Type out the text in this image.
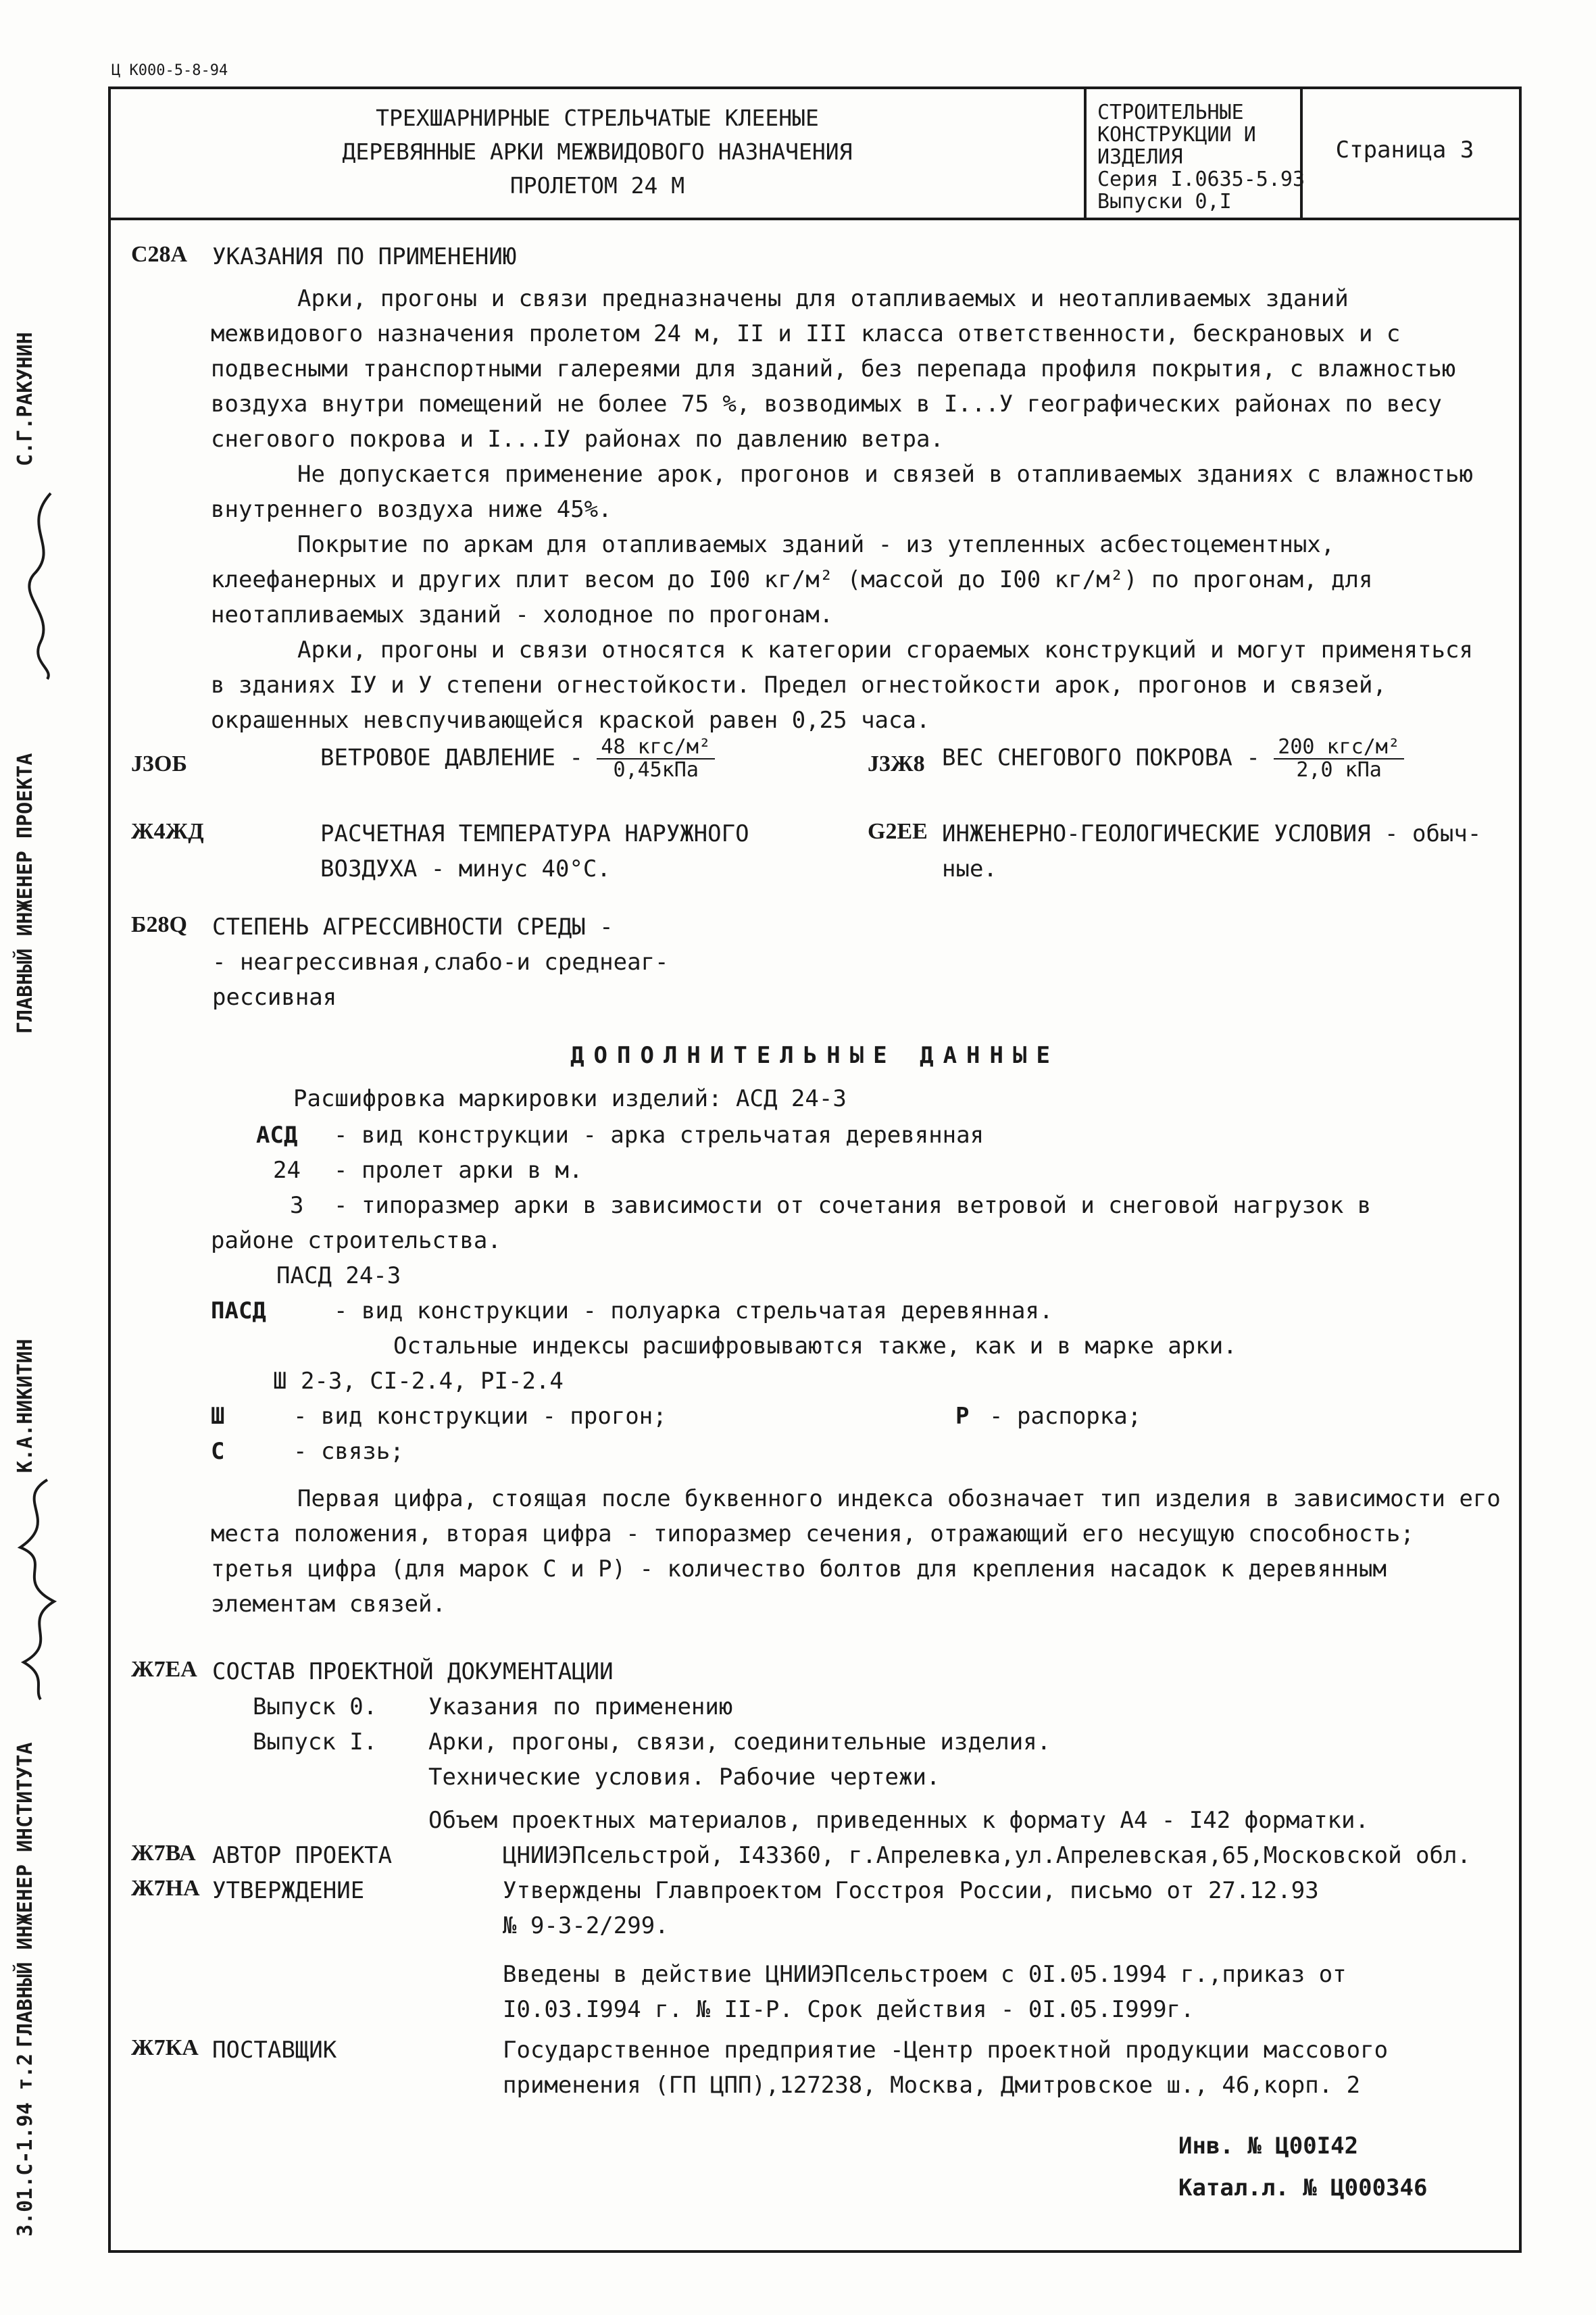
Ц К000-5-8-94
С.Г.РАКУНИН
ГЛАВНЫЙ ИНЖЕНЕР ПРОЕКТА
К.А.НИКИТИН
ГЛАВНЫЙ ИНЖЕНЕР ИНСТИТУТА
3.01.С-1.94 т.2
ТРЕХШАРНИРНЫЕ СТРЕЛЬЧАТЫЕ КЛЕЕНЫЕ
ДЕРЕВЯННЫЕ АРКИ МЕЖВИДОВОГО НАЗНАЧЕНИЯ
ПРОЛЕТОМ 24 М
СТРОИТЕЛЬНЫЕ
КОНСТРУКЦИИ И
ИЗДЕЛИЯ
Серия I.0635-5.93
Выпуски 0,I
Страница 3
С28А УКАЗАНИЯ ПО ПРИМЕНЕНИЮ
Арки, прогоны и связи предназначены для отапливаемых и неотапливаемых зданий межвидового назначения пролетом 24 м, II и III класса ответственности, бескрановых и с подвесными транспортными галереями для зданий, без перепада профиля покрытия, с влажностью воздуха внутри помещений не более 75 %, возводимых в I...У географических районах по весу снегового покрова и I...IУ районах по давлению ветра.
Не допускается применение арок, прогонов и связей в отапливаемых зданиях с влажностью внутреннего воздуха ниже 45%.
Покрытие по аркам для отапливаемых зданий - из утепленных асбестоцементных, клеефанерных и других плит весом до I00 кг/м² (массой до I00 кг/м²) по прогонам, для неотапливаемых зданий - холодное по прогонам.
Арки, прогоны и связи относятся к категории сгораемых конструкций и могут применяться в зданиях IУ и У степени огнестойкости. Предел огнестойкости арок, прогонов и связей, окрашенных невспучивающейся краской равен 0,25 часа.
J3ОБ	ВЕТРОВОЕ ДАВЛЕНИЕ - $\frac{\text{48 кгс/м²}}{\text{0,45кПа}}$	J3Ж8 ВЕС СНЕГОВОГО ПОКРОВА - $\frac{\text{200 кгс/м²}}{\text{2,0 кПа}}$
Ж4ЖД	РАСЧЕТНАЯ ТЕМПЕРАТУРА НАРУЖНОГО
ВОЗДУХА - минус 40°С.
G2ЕЕ ИНЖЕНЕРНО-ГЕОЛОГИЧЕСКИЕ УСЛОВИЯ - обыч-
ные.
Б28Q СТЕПЕНЬ АГРЕССИВНОСТИ СРЕДЫ -
- неагрессивная,слабо-и среднеаг-
рессивная
ДОПОЛНИТЕЛЬНЫЕ ДАННЫЕ
Расшифровка маркировки изделий: АСД 24-3
АСД - вид конструкции - арка стрельчатая деревянная
24 - пролет арки в м.
3 - типоразмер арки в зависимости от сочетания ветровой и снеговой нагрузок в
районе строительства.
ПАСД 24-3
ПАСД	- вид конструкции - полуарка стрельчатая деревянная.
Остальные индексы расшифровываются также, как и в марке арки.
Ш 2-3, СI-2.4, РI-2.4
Ш	- вид конструкции - прогон;	Р - распорка;
С	- связь;
Первая цифра, стоящая после буквенного индекса обозначает тип изделия в зависимости его места положения, вторая цифра - типоразмер сечения, отражающий его несущую способность; третья цифра (для марок С и Р) - количество болтов для крепления насадок к деревянным элементам связей.
Ж7ЕА СОСТАВ ПРОЕКТНОЙ ДОКУМЕНТАЦИИ
Выпуск 0. Указания по применению
Выпуск I. Арки, прогоны, связи, соединительные изделия.
Технические условия. Рабочие чертежи.
Объем проектных материалов, приведенных к формату А4 - I42 форматки.
Ж7ВА АВТОР ПРОЕКТА	ЦНИИЭПсельстрой, I43360, г.Апрелевка,ул.Апрелевская,65,Московской обл.
Ж7НА УТВЕРЖДЕНИЕ	Утверждены Главпроектом Госстроя России, письмо от 27.12.93
№ 9-3-2/299.
Введены в действие ЦНИИЭПсельстроем с 0I.05.1994 г.,приказ от
I0.03.I994 г. № II-Р. Срок действия - 0I.05.I999г.
Ж7КА ПОСТАВЩИК	Государственное предприятие -Центр проектной продукции массового
применения (ГП ЦПП),127238, Москва, Дмитровское ш., 46,корп. 2
Инв. № Ц00I42
Катал.л. № Ц000346
